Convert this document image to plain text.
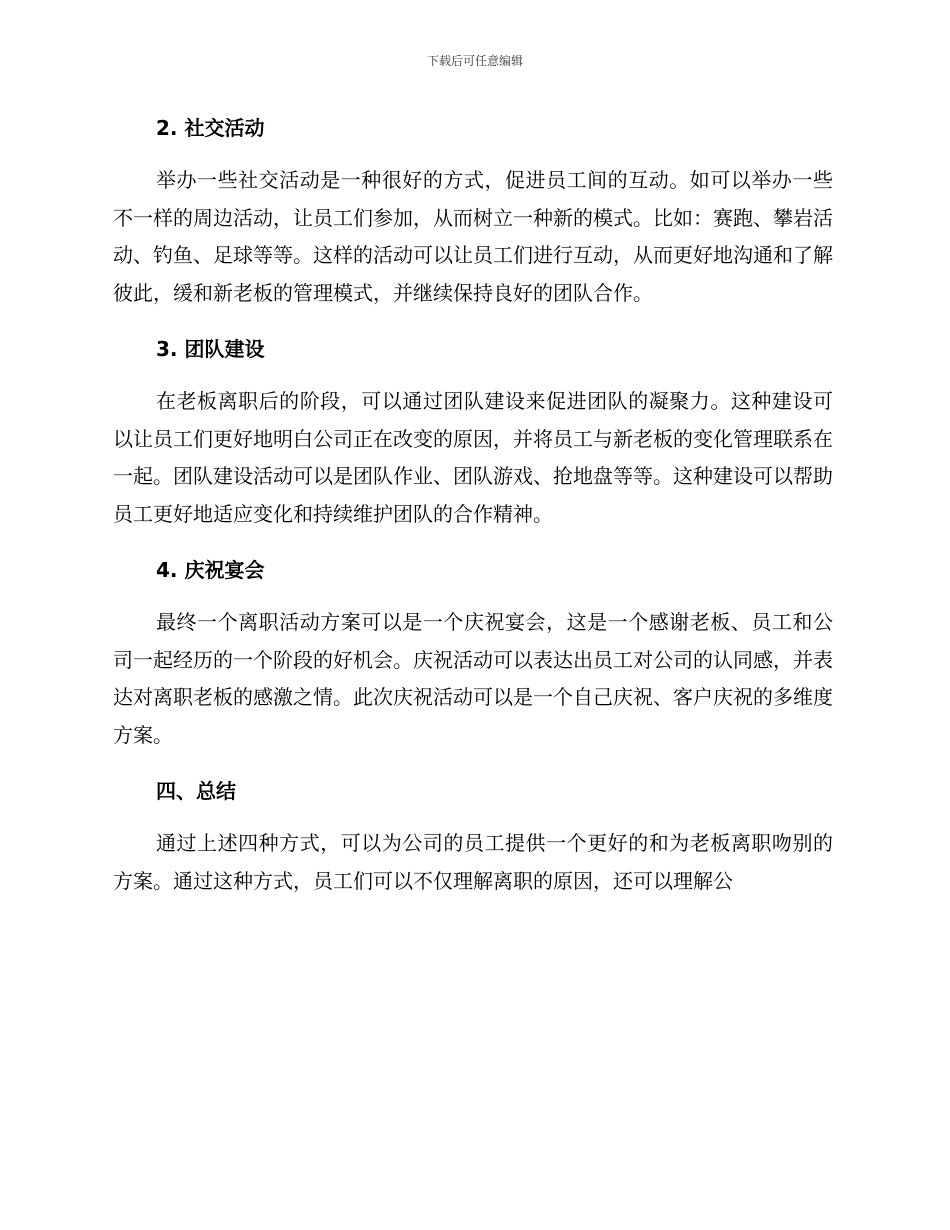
下载后可任意编辑
2. 社交活动

举办一些社交活动是一种很好的方式，促进员工间的互动。如可以举办一些不一样的周边活动，让员工们参加，从而树立一种新的模式。比如：赛跑、攀岩活动、钓鱼、足球等等。这样的活动可以让员工们进行互动，从而更好地沟通和了解彼此，缓和新老板的管理模式，并继续保持良好的团队合作。

3. 团队建设

在老板离职后的阶段，可以通过团队建设来促进团队的凝聚力。这种建设可以让员工们更好地明白公司正在改变的原因，并将员工与新老板的变化管理联系在一起。团队建设活动可以是团队作业、团队游戏、抢地盘等等。这种建设可以帮助员工更好地适应变化和持续维护团队的合作精神。

4. 庆祝宴会

最终一个离职活动方案可以是一个庆祝宴会，这是一个感谢老板、员工和公司一起经历的一个阶段的好机会。庆祝活动可以表达出员工对公司的认同感，并表达对离职老板的感激之情。此次庆祝活动可以是一个自己庆祝、客户庆祝的多维度方案。

四、总结

通过上述四种方式，可以为公司的员工提供一个更好的和为老板离职吻别的方案。通过这种方式，员工们可以不仅理解离职的原因，还可以理解公
